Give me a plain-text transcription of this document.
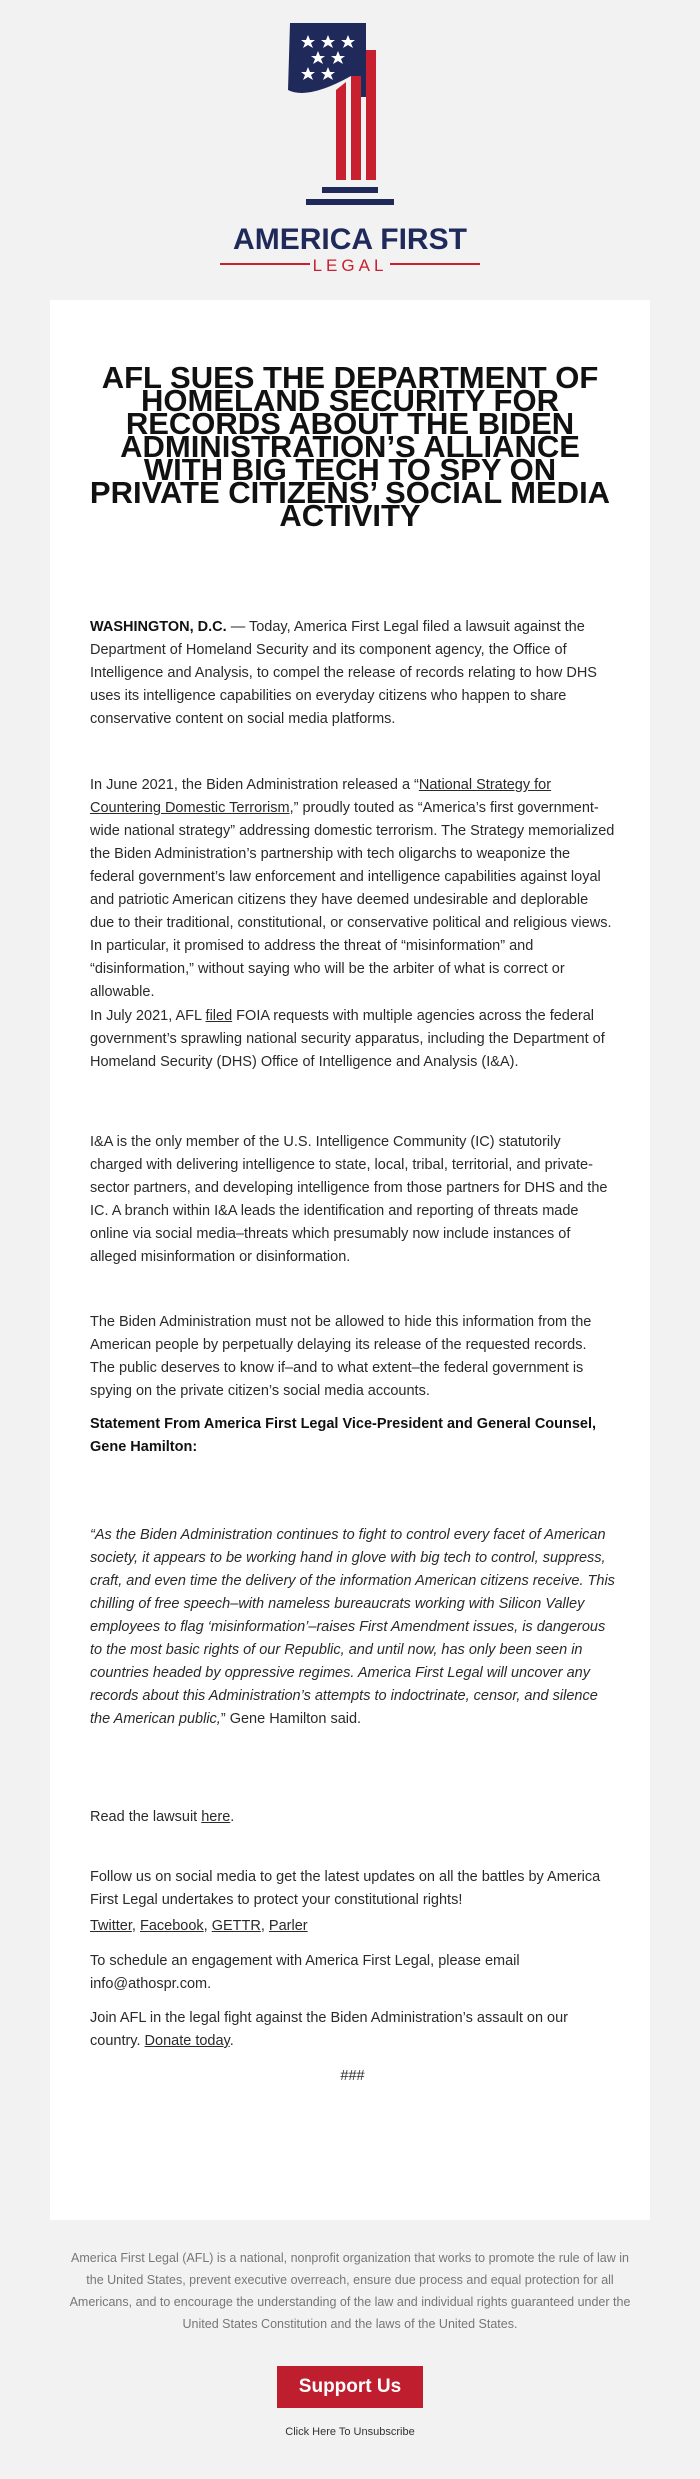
AMERICA FIRST
LEGAL
AFL SUES THE DEPARTMENT OF HOMELAND SECURITY FOR RECORDS ABOUT THE BIDEN ADMINISTRATION’S ALLIANCE WITH BIG TECH TO SPY ON PRIVATE CITIZENS’ SOCIAL MEDIA ACTIVITY

WASHINGTON, D.C. — Today, America First Legal filed a lawsuit against the Department of Homeland Security and its component agency, the Office of Intelligence and Analysis, to compel the release of records relating to how DHS uses its intelligence capabilities on everyday citizens who happen to share conservative content on social media platforms.

In June 2021, the Biden Administration released a “National Strategy for Countering Domestic Terrorism,” proudly touted as “America’s first government-wide national strategy” addressing domestic terrorism. The Strategy memorialized the Biden Administration’s partnership with tech oligarchs to weaponize the federal government’s law enforcement and intelligence capabilities against loyal and patriotic American citizens they have deemed undesirable and deplorable due to their traditional, constitutional, or conservative political and religious views. In particular, it promised to address the threat of “misinformation” and “disinformation,” without saying who will be the arbiter of what is correct or allowable.

In July 2021, AFL filed FOIA requests with multiple agencies across the federal government’s sprawling national security apparatus, including the Department of Homeland Security (DHS) Office of Intelligence and Analysis (I&A).

I&A is the only member of the U.S. Intelligence Community (IC) statutorily charged with delivering intelligence to state, local, tribal, territorial, and private-sector partners, and developing intelligence from those partners for DHS and the IC. A branch within I&A leads the identification and reporting of threats made online via social media–threats which presumably now include instances of alleged misinformation or disinformation.

The Biden Administration must not be allowed to hide this information from the American people by perpetually delaying its release of the requested records. The public deserves to know if–and to what extent–the federal government is spying on the private citizen’s social media accounts.

Statement From America First Legal Vice-President and General Counsel, Gene Hamilton:

“As the Biden Administration continues to fight to control every facet of American society, it appears to be working hand in glove with big tech to control, suppress, craft, and even time the delivery of the information American citizens receive. This chilling of free speech–with nameless bureaucrats working with Silicon Valley employees to flag ‘misinformation’–raises First Amendment issues, is dangerous to the most basic rights of our Republic, and until now, has only been seen in countries headed by oppressive regimes. America First Legal will uncover any records about this Administration’s attempts to indoctrinate, censor, and silence the American public,” Gene Hamilton said.

Read the lawsuit here.

Follow us on social media to get the latest updates on all the battles by America First Legal undertakes to protect your constitutional rights!

Twitter, Facebook, GETTR, Parler

To schedule an engagement with America First Legal, please email info@athospr.com.

Join AFL in the legal fight against the Biden Administration’s assault on our country. Donate today.

###

America First Legal (AFL) is a national, nonprofit organization that works to promote the rule of law in the United States, prevent executive overreach, ensure due process and equal protection for all Americans, and to encourage the understanding of the law and individual rights guaranteed under the United States Constitution and the laws of the United States.

Support Us
Click Here To Unsubscribe
